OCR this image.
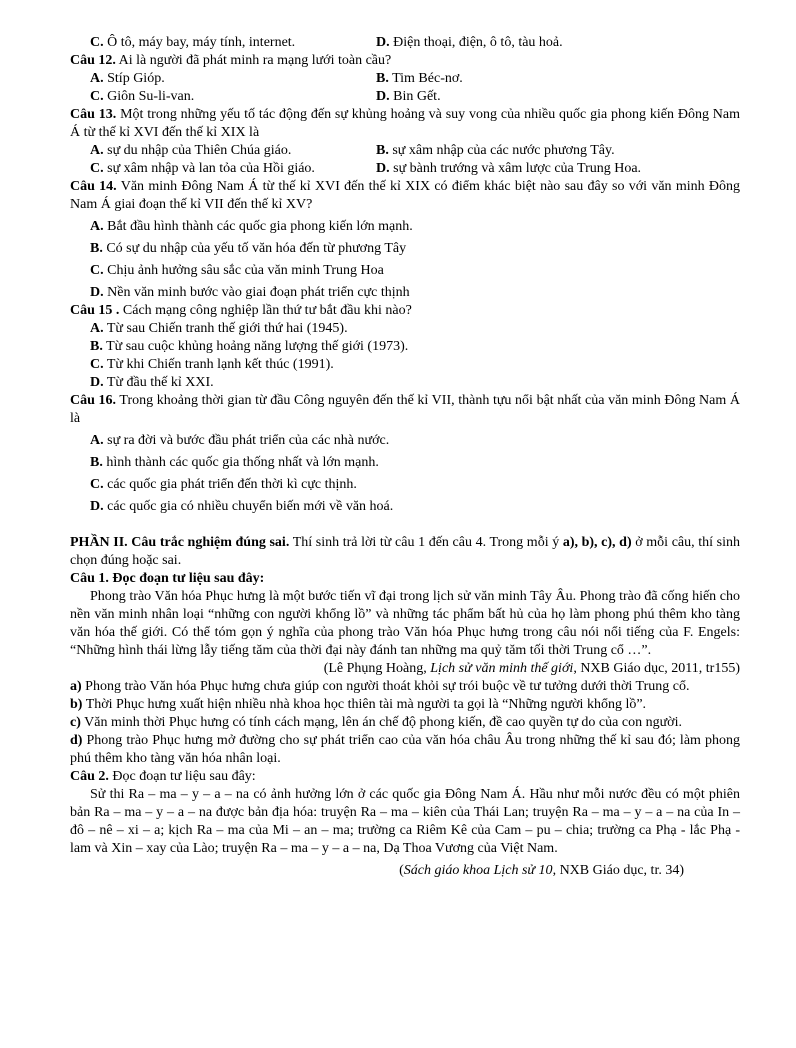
C. Ô tô, máy bay, máy tính, internet.	D. Điện thoại, điện, ô tô, tàu hoả.
Câu 12. Ai là người đã phát minh ra mạng lưới toàn cầu?
A. Stíp Gióp.	B. Tim Béc-nơ.
C. Giôn Su-li-van.	D. Bin Gết.
Câu 13. Một trong những yếu tố tác động đến sự khủng hoảng và suy vong của nhiều quốc gia phong kiến Đông Nam Á từ thế kỉ XVI đến thế kỉ XIX là
A. sự du nhập của Thiên Chúa giáo.	B. sự xâm nhập của các nước phương Tây.
C. sự xâm nhập và lan tỏa của Hồi giáo.	D. sự bành trướng và xâm lược của Trung Hoa.
Câu 14. Văn minh Đông Nam Á từ thế kỉ XVI đến thế kỉ XIX có điểm khác biệt nào sau đây so với văn minh Đông Nam Á giai đoạn thế kỉ VII đến thế kỉ XV?
A. Bắt đầu hình thành các quốc gia phong kiến lớn mạnh.
B. Có sự du nhập của yếu tố văn hóa đến từ phương Tây
C. Chịu ảnh hưởng sâu sắc của văn minh Trung Hoa
D. Nền văn minh bước vào giai đoạn phát triển cực thịnh
Câu 15 . Cách mạng công nghiệp lần thứ tư bắt đầu khi nào?
A. Từ sau Chiến tranh thế giới thứ hai (1945).
B. Từ sau cuộc khủng hoảng năng lượng thế giới (1973).
C. Từ khi Chiến tranh lạnh kết thúc (1991).
D. Từ đầu thế kỉ XXI.
Câu 16. Trong khoảng thời gian từ đầu Công nguyên đến thế kỉ VII, thành tựu nổi bật nhất của văn minh Đông Nam Á là
A. sự ra đời và bước đầu phát triển của các nhà nước.
B. hình thành các quốc gia thống nhất và lớn mạnh.
C. các quốc gia phát triển đến thời kì cực thịnh.
D. các quốc gia có nhiều chuyển biến mới về văn hoá.
PHẦN II. Câu trắc nghiệm đúng sai. Thí sinh trả lời từ câu 1 đến câu 4. Trong mỗi ý a), b), c), d) ở mỗi câu, thí sinh chọn đúng hoặc sai.
Câu 1. Đọc đoạn tư liệu sau đây:
Phong trào Văn hóa Phục hưng là một bước tiến vĩ đại trong lịch sử văn minh Tây Âu. Phong trào đã cống hiến cho nền văn minh nhân loại “những con người khổng lồ” và những tác phẩm bất hủ của họ làm phong phú thêm kho tàng văn hóa thế giới. Có thể tóm gọn ý nghĩa của phong trào Văn hóa Phục hưng trong câu nói nổi tiếng của F. Engels: “Những hình thái lừng lẫy tiếng tăm của thời đại này đánh tan những ma quỷ tăm tối thời Trung cổ …”.
(Lê Phụng Hoàng, Lịch sử văn minh thế giới, NXB Giáo dục, 2011, tr155)
a) Phong trào Văn hóa Phục hưng chưa giúp con người thoát khỏi sự trói buộc về tư tưởng dưới thời Trung cổ.
b) Thời Phục hưng xuất hiện nhiều nhà khoa học thiên tài mà người ta gọi là “Những người khổng lồ”.
c) Văn minh thời Phục hưng có tính cách mạng, lên án chế độ phong kiến, đề cao quyền tự do của con người.
d) Phong trào Phục hưng mở đường cho sự phát triển cao của văn hóa châu Âu trong những thế kỉ sau đó; làm phong phú thêm kho tàng văn hóa nhân loại.
Câu 2. Đọc đoạn tư liệu sau đây:
Sử thi Ra – ma – y – a – na có ảnh hưởng lớn ở các quốc gia Đông Nam Á. Hầu như mỗi nước đều có một phiên bản Ra – ma – y – a – na được bản địa hóa: truyện Ra – ma – kiên của Thái Lan; truyện Ra – ma – y – a – na của In – đô – nê – xi – a; kịch Ra – ma của Mi – an – ma; trường ca Riêm Kê của Cam – pu – chia; trường ca Phạ - lắc Phạ - lam và Xin – xay của Lào; truyện Ra – ma – y – a – na, Dạ Thoa Vương của Việt Nam.
(Sách giáo khoa Lịch sử 10, NXB Giáo dục, tr. 34)
